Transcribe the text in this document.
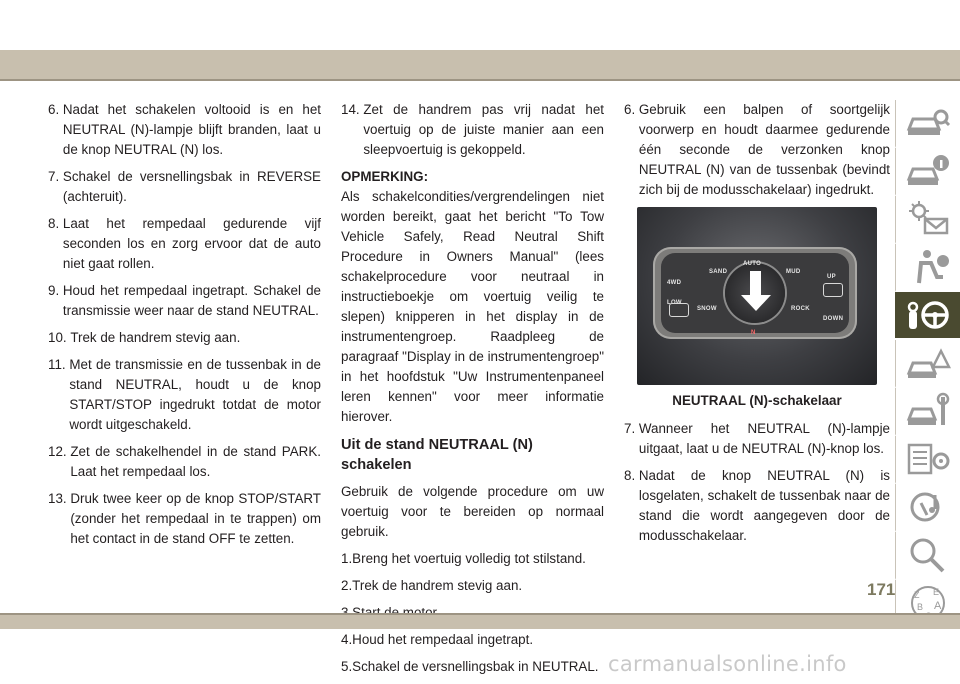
6. Nadat het schakelen voltooid is en het NEUTRAL (N)-lampje blijft branden, laat u de knop NEUTRAL (N) los.
7. Schakel de versnellingsbak in REVERSE (achteruit).
8. Laat het rempedaal gedurende vijf seconden los en zorg ervoor dat de auto niet gaat rollen.
9. Houd het rempedaal ingetrapt. Schakel de transmissie weer naar de stand NEUTRAL.
10. Trek de handrem stevig aan.
11. Met de transmissie en de tussenbak in de stand NEUTRAL, houdt u de knop START/STOP ingedrukt totdat de motor wordt uitgeschakeld.
12. Zet de schakelhendel in de stand PARK. Laat het rempedaal los.
13. Druk twee keer op de knop STOP/START (zonder het rempedaal in te trappen) om het contact in de stand OFF te zetten.
14. Zet de handrem pas vrij nadat het voertuig op de juiste manier aan een sleepvoertuig is gekoppeld.
OPMERKING:
Als schakelcondities/vergrendelingen niet worden bereikt, gaat het bericht "To Tow Vehicle Safely, Read Neutral Shift Procedure in Owners Manual" (lees schakelprocedure voor neutraal in instructieboekje om voertuig veilig te slepen) knipperen in het display in de instrumentengroep. Raadpleeg de paragraaf "Display in de instrumentengroep" in het hoofdstuk "Uw Instrumentenpaneel leren kennen" voor meer informatie hierover.
Uit de stand NEUTRAAL (N) schakelen
Gebruik de volgende procedure om uw voertuig voor te bereiden op normaal gebruik.
1. Breng het voertuig volledig tot stilstand.
2. Trek de handrem stevig aan.
4. Houd het rempedaal ingetrapt.
5. Schakel de versnellingsbak in NEUTRAL.
6. Gebruik een balpen of soortgelijk voorwerp en houdt daarmee gedurende één seconde de verzonken knop NEUTRAL (N) van de tussenbak (bevindt zich bij de modusschakelaar) ingedrukt.
AUTO
SAND	MUD
SNOW	ROCK
4WD LOW
UP
DOWN
N
NEUTRAAL (N)-schakelaar
7. Wanneer het NEUTRAL (N)-lampje uitgaat, laat u de NEUTRAL (N)-knop los.
8. Nadat de knop NEUTRAL (N) is losgelaten, schakelt de tussenbak naar de stand die wordt aangegeven door de modusschakelaar.
Z E
B A
171
carmanualsonline.info
